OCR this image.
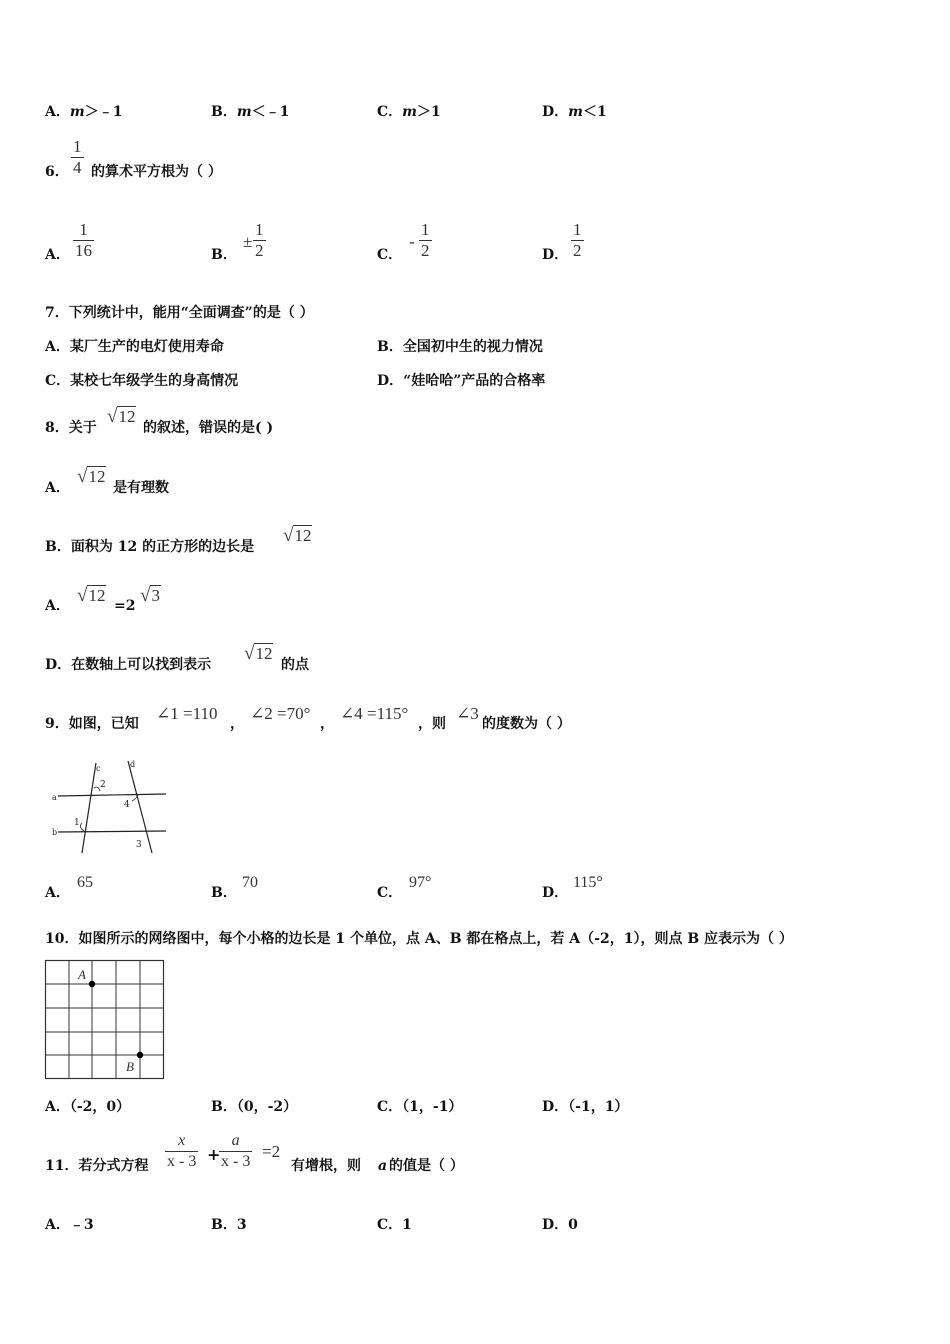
A．m＞﹣1	B．m＜﹣1	C．m＞1	D．m＜1
6．
1
4 的算术平方根为（ ）
A．
1
16	B．
±
1
2	C．
-
1
2	D．
1
2
7．下列统计中，能用“全面调查”的是（ ）
A．某厂生产的电灯使用寿命	B．全国初中生的视力情况
C．某校七年级学生的身高情况	D．“娃哈哈”产品的合格率
8．关于
√12
的叙述，错误的是( )
A．
√12
是有理数
B．面积为 12 的正方形的边长是
√12
A． √12
=2 √3
D．在数轴上可以找到表示
√12
的点
9．如图，已知
∠1 =110
，
∠2 =70°
，
∠4 =115°
，则
∠3
的度数为（ ）
c	d
2
a
4
1
b
3
A．
65
B．
70
C．
97°
D．
115°
10．如图所示的网络图中，每个小格的边长是 1 个单位，点 A、B 都在格点上，若 A（-2，1），则点 B 应表示为（ ）
A
B
A．（-2，0）	B．（0，-2）	C．（1，-1）	D．（-1，1）
11．若分式方程
x
x - 3 +
a
x - 3
=2
有增根，则 a 的值是（ ）
A．﹣3	B．3	C．1	D．0
